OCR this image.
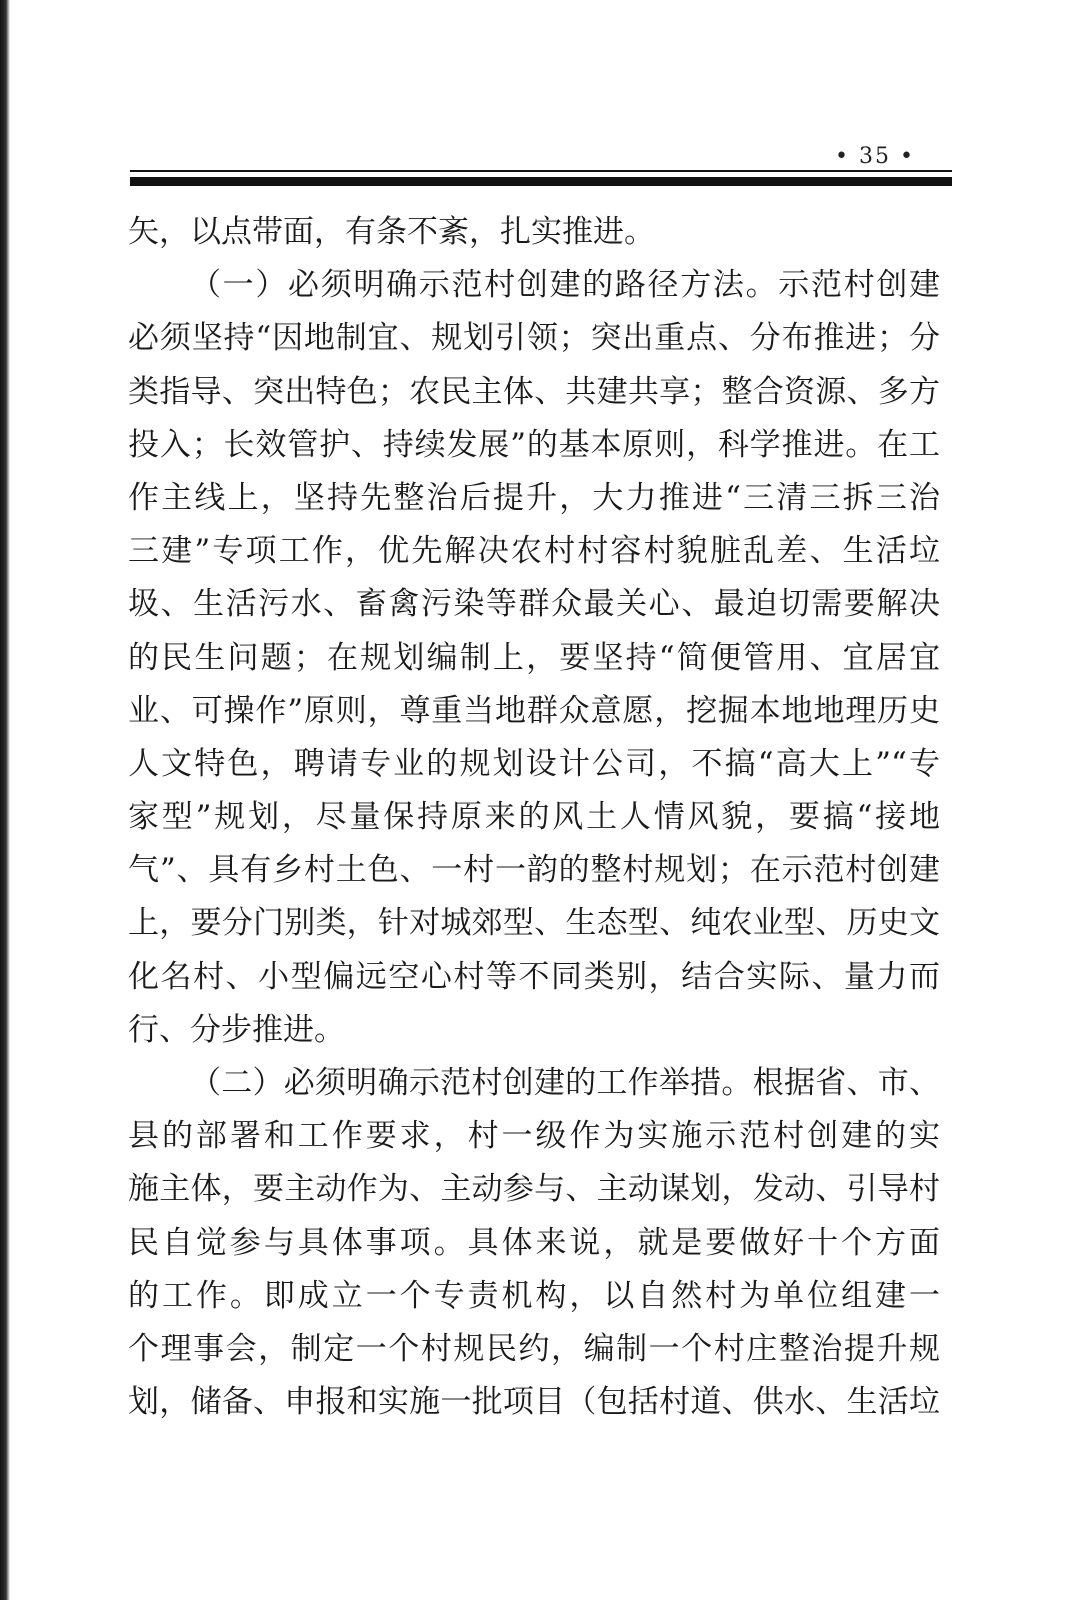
• 35 •
矢，以点带面，有条不紊，扎实推进。
（一）必须明确示范村创建的路径方法。示范村创建
必须坚持“因地制宜、规划引领；突出重点、分布推进；分
类指导、突出特色；农民主体、共建共享；整合资源、多方
投入；长效管护、持续发展”的基本原则，科学推进。在工
作主线上，坚持先整治后提升，大力推进“三清三拆三治
三建”专项工作，优先解决农村村容村貌脏乱差、生活垃
圾、生活污水、畜禽污染等群众最关心、最迫切需要解决
的民生问题；在规划编制上，要坚持“简便管用、宜居宜
业、可操作”原则，尊重当地群众意愿，挖掘本地地理历史
人文特色，聘请专业的规划设计公司，不搞“高大上”“专
家型”规划，尽量保持原来的风土人情风貌，要搞“接地
气”、具有乡村土色、一村一韵的整村规划；在示范村创建
上，要分门别类，针对城郊型、生态型、纯农业型、历史文
化名村、小型偏远空心村等不同类别，结合实际、量力而
行、分步推进。
（二）必须明确示范村创建的工作举措。根据省、市、
县的部署和工作要求，村一级作为实施示范村创建的实
施主体，要主动作为、主动参与、主动谋划，发动、引导村
民自觉参与具体事项。具体来说，就是要做好十个方面
的工作。即成立一个专责机构，以自然村为单位组建一
个理事会，制定一个村规民约，编制一个村庄整治提升规
划，储备、申报和实施一批项目（包括村道、供水、生活垃
